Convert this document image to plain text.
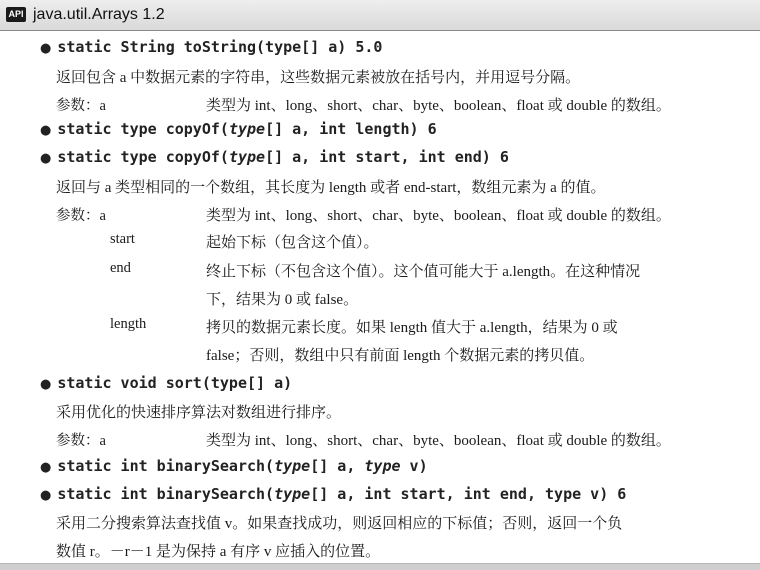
API java.util.Arrays 1.2
● static String toString(type[] a) 5.0
返回包含 a 中数据元素的字符串，这些数据元素被放在括号内，并用逗号分隔。
参数：a	类型为 int、long、short、char、byte、boolean、float 或 double 的数组。
● static type copyOf(type[] a, int length) 6
● static type copyOf(type[] a, int start, int end) 6
返回与 a 类型相同的一个数组，其长度为 length 或者 end-start，数组元素为 a 的值。
参数：a	类型为 int、long、short、char、byte、boolean、float 或 double 的数组。
start	起始下标（包含这个值）。
end	终止下标（不包含这个值）。这个值可能大于 a.length。在这种情况
下，结果为 0 或 false。
length	拷贝的数据元素长度。如果 length 值大于 a.length，结果为 0 或
false；否则，数组中只有前面 length 个数据元素的拷贝值。
● static void sort(type[] a)
采用优化的快速排序算法对数组进行排序。
参数：a	类型为 int、long、short、char、byte、boolean、float 或 double 的数组。
● static int binarySearch(type[] a, type v)
● static int binarySearch(type[] a, int start, int end, type v) 6
采用二分搜索算法查找值 v。如果查找成功，则返回相应的下标值；否则，返回一个负
数值 r。－r－1 是为保持 a 有序 v 应插入的位置。
